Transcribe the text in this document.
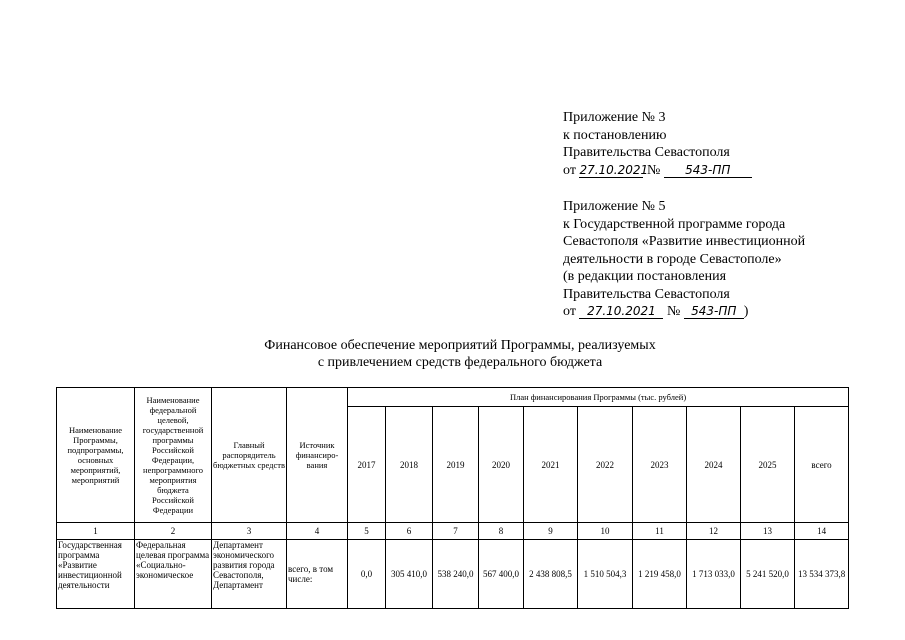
Приложение № 3
к постановлению
Правительства Севастополя
от 27.10.2021 № 543-ПП
Приложение № 5
к Государственной программе города
Севастополя «Развитие инвестиционной
деятельности в городе Севастополе»
(в редакции постановления
Правительства Севастополя
от 27.10.2021 № 543-ПП )
Финансовое обеспечение мероприятий Программы, реализуемых
с привлечением средств федерального бюджета
Наименование Программы, подпрограммы, основных мероприятий, мероприятий	Наименование федеральной целевой, государственной программы Российской Федерации, непрограммного мероприятия бюджета Российской Федерации	Главный распорядитель бюджетных средств	Источник финансиро-вания	План финансирования Программы (тыс. рублей)									
				2017	2018	2019	2020	2021	2022	2023	2024	2025	всего
1	2	3	4	5	6	7	8	9	10	11	12	13	14
Государственная программа «Развитие инвестиционной деятельности	Федеральная целевая программа «Социально-экономическое	Департамент экономического развития города Севастополя, Департамент	всего, в том числе:	0,0	305 410,0	538 240,0	567 400,0	2 438 808,5	1 510 504,3	1 219 458,0	1 713 033,0	5 241 520,0	13 534 373,8
